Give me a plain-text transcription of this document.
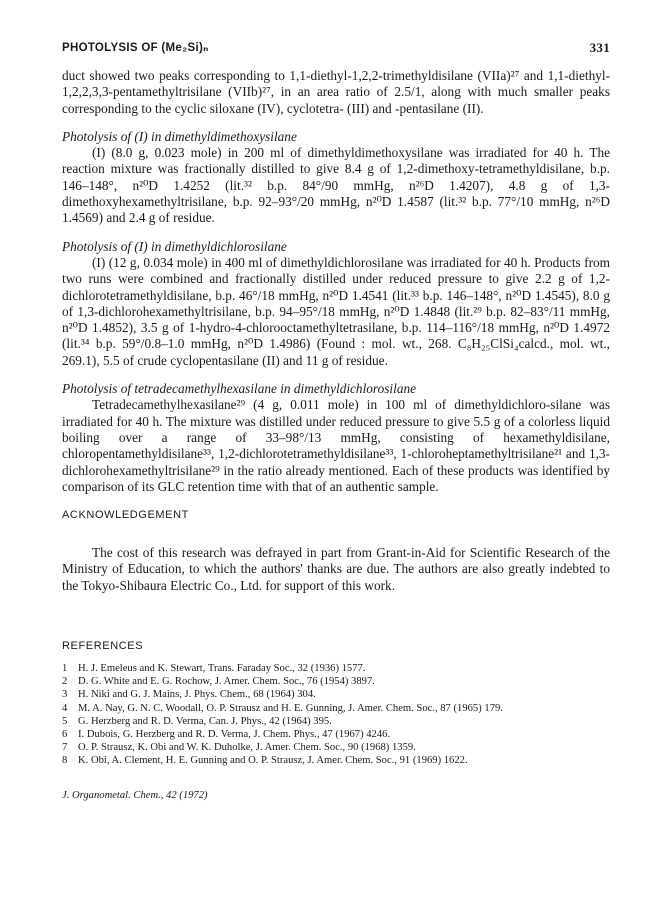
PHOTOLYSIS OF (Me₂Si)ₙ	331

duct showed two peaks corresponding to 1,1-diethyl-1,2,2-trimethyldisilane (VIIa)²⁷ and 1,1-diethyl-1,2,2,3,3-pentamethyltrisilane (VIIb)²⁷, in an area ratio of 2.5/1, along with much smaller peaks corresponding to the cyclic siloxane (IV), cyclotetra- (III) and -pentasilane (II).

Photolysis of (I) in dimethyldimethoxysilane

(I) (8.0 g, 0.023 mole) in 200 ml of dimethyldimethoxysilane was irradiated for 40 h. The reaction mixture was fractionally distilled to give 8.4 g of 1,2-dimethoxy-tetramethyldisilane, b.p. 146–148°, n²⁰D 1.4252 (lit.³² b.p. 84°/90 mmHg, n²⁶D 1.4207), 4.8 g of 1,3-dimethoxyhexamethyltrisilane, b.p. 92–93°/20 mmHg, n²⁰D 1.4587 (lit.³² b.p. 77°/10 mmHg, n²⁶D 1.4569) and 2.4 g of residue.

Photolysis of (I) in dimethyldichlorosilane

(I) (12 g, 0.034 mole) in 400 ml of dimethyldichlorosilane was irradiated for 40 h. Products from two runs were combined and fractionally distilled under reduced pressure to give 2.2 g of 1,2-dichlorotetramethyldisilane, b.p. 46°/18 mmHg, n²⁰D 1.4541 (lit.³³ b.p. 146–148°, n²⁰D 1.4545), 8.0 g of 1,3-dichlorohexamethyltrisilane, b.p. 94–95°/18 mmHg, n²⁰D 1.4848 (lit.²⁹ b.p. 82–83°/11 mmHg, n²⁰D 1.4852), 3.5 g of 1-hydro-4-chlorooctamethyltetrasilane, b.p. 114–116°/18 mmHg, n²⁰D 1.4972 (lit.³⁴ b.p. 59°/0.8–1.0 mmHg, n²⁰D 1.4986) (Found : mol. wt., 268. C₈H₂₅ClSi₄calcd., mol. wt., 269.1), 5.5 of crude cyclopentasilane (II) and 11 g of residue.

Photolysis of tetradecamethylhexasilane in dimethyldichlorosilane

Tetradecamethylhexasilane²⁹ (4 g, 0.011 mole) in 100 ml of dimethyldichloro-silane was irradiated for 40 h. The mixture was distilled under reduced pressure to give 5.5 g of a colorless liquid boiling over a range of 33–98°/13 mmHg, consisting of hexamethyldisilane, chloropentamethyldisilane³³, 1,2-dichlorotetramethyldisilane³³, 1-chloroheptamethyltrisilane²¹ and 1,3-dichlorohexamethyltrisilane²⁹ in the ratio already mentioned. Each of these products was identified by comparison of its GLC retention time with that of an authentic sample.

ACKNOWLEDGEMENT

The cost of this research was defrayed in part from Grant-in-Aid for Scientific Research of the Ministry of Education, to which the authors' thanks are due. The authors are also greatly indebted to the Tokyo-Shibaura Electric Co., Ltd. for support of this work.

REFERENCES
1	H. J. Emeleus and K. Stewart, Trans. Faraday Soc., 32 (1936) 1577.
2	D. G. White and E. G. Rochow, J. Amer. Chem. Soc., 76 (1954) 3897.
3	H. Niki and G. J. Mains, J. Phys. Chem., 68 (1964) 304.
4	M. A. Nay, G. N. C. Woodall, O. P. Strausz and H. E. Gunning, J. Amer. Chem. Soc., 87 (1965) 179.
5	G. Herzberg and R. D. Verma, Can. J. Phys., 42 (1964) 395.
6	I. Dubois, G. Herzberg and R. D. Verma, J. Chem. Phys., 47 (1967) 4246.
7	O. P. Strausz, K. Obi and W. K. Duholke, J. Amer. Chem. Soc., 90 (1968) 1359.
8	K. Obi, A. Clement, H. E. Gunning and O. P. Strausz, J. Amer. Chem. Soc., 91 (1969) 1622.
J. Organometal. Chem., 42 (1972)
